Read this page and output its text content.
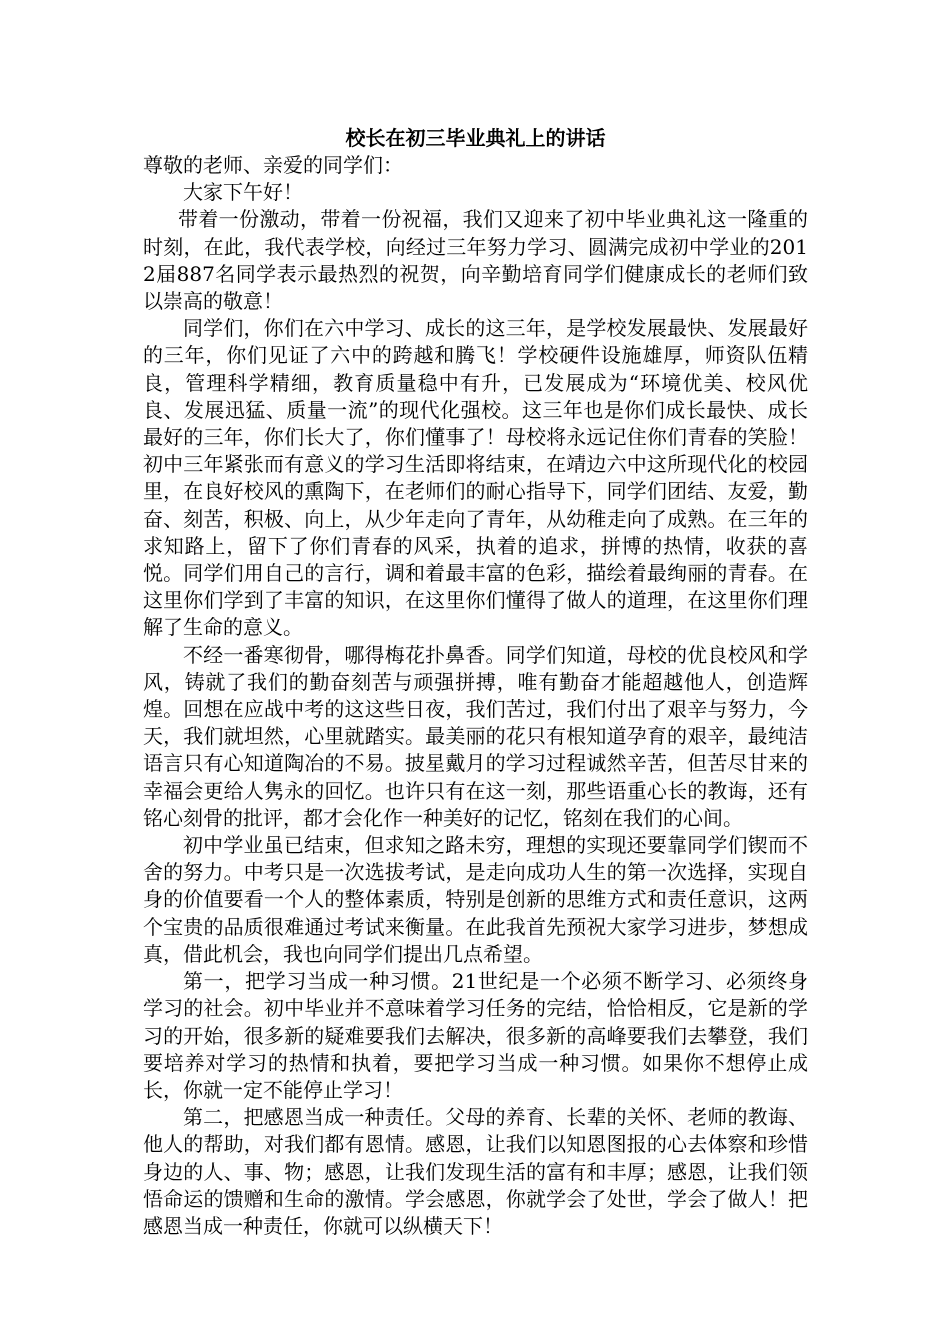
校长在初三毕业典礼上的讲话

尊敬的老师、亲爱的同学们：

大家下午好！

带着一份激动，带着一份祝福，我们又迎来了初中毕业典礼这一隆重的时刻，在此，我代表学校，向经过三年努力学习、圆满完成初中学业的2012届887名同学表示最热烈的祝贺，向辛勤培育同学们健康成长的老师们致以崇高的敬意！

同学们，你们在六中学习、成长的这三年，是学校发展最快、发展最好的三年，你们见证了六中的跨越和腾飞！学校硬件设施雄厚，师资队伍精良，管理科学精细，教育质量稳中有升，已发展成为“环境优美、校风优良、发展迅猛、质量一流”的现代化强校。这三年也是你们成长最快、成长最好的三年，你们长大了，你们懂事了！母校将永远记住你们青春的笑脸！初中三年紧张而有意义的学习生活即将结束，在靖边六中这所现代化的校园里，在良好校风的熏陶下，在老师们的耐心指导下，同学们团结、友爱，勤奋、刻苦，积极、向上，从少年走向了青年，从幼稚走向了成熟。在三年的求知路上，留下了你们青春的风采，执着的追求，拼博的热情，收获的喜悦。同学们用自己的言行，调和着最丰富的色彩，描绘着最绚丽的青春。在这里你们学到了丰富的知识，在这里你们懂得了做人的道理，在这里你们理解了生命的意义。

不经一番寒彻骨，哪得梅花扑鼻香。同学们知道，母校的优良校风和学风，铸就了我们的勤奋刻苦与顽强拼搏，唯有勤奋才能超越他人，创造辉煌。回想在应战中考的这这些日夜，我们苦过，我们付出了艰辛与努力，今天，我们就坦然，心里就踏实。最美丽的花只有根知道孕育的艰辛，最纯洁语言只有心知道陶冶的不易。披星戴月的学习过程诚然辛苦，但苦尽甘来的幸福会更给人隽永的回忆。也许只有在这一刻，那些语重心长的教诲，还有铭心刻骨的批评，都才会化作一种美好的记忆，铭刻在我们的心间。

初中学业虽已结束，但求知之路未穷，理想的实现还要靠同学们锲而不舍的努力。中考只是一次选拔考试，是走向成功人生的第一次选择，实现自身的价值要看一个人的整体素质，特别是创新的思维方式和责任意识，这两个宝贵的品质很难通过考试来衡量。在此我首先预祝大家学习进步，梦想成真，借此机会，我也向同学们提出几点希望。

第一，把学习当成一种习惯。21世纪是一个必须不断学习、必须终身学习的社会。初中毕业并不意味着学习任务的完结，恰恰相反，它是新的学习的开始，很多新的疑难要我们去解决，很多新的高峰要我们去攀登，我们要培养对学习的热情和执着，要把学习当成一种习惯。如果你不想停止成长，你就一定不能停止学习！

第二，把感恩当成一种责任。父母的养育、长辈的关怀、老师的教诲、他人的帮助，对我们都有恩情。感恩，让我们以知恩图报的心去体察和珍惜身边的人、事、物；感恩，让我们发现生活的富有和丰厚；感恩，让我们领悟命运的馈赠和生命的激情。学会感恩，你就学会了处世，学会了做人！把感恩当成一种责任，你就可以纵横天下！
